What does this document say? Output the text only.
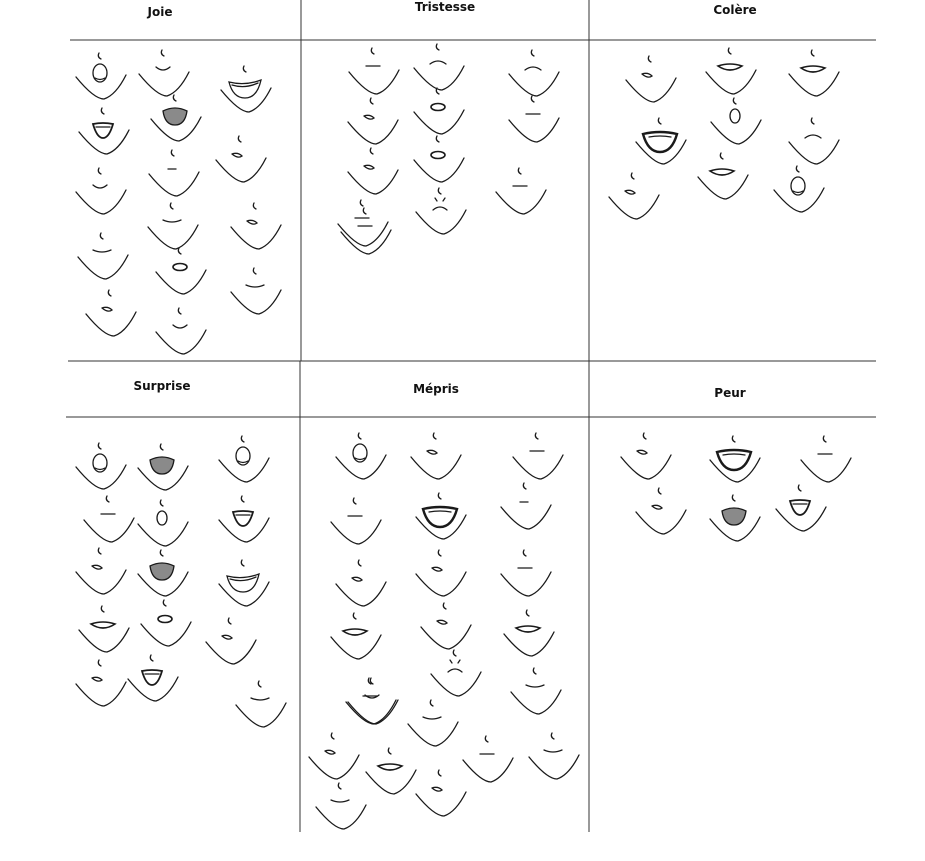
Joie	Tristesse	Colère
Surprise	Mépris	Peur
